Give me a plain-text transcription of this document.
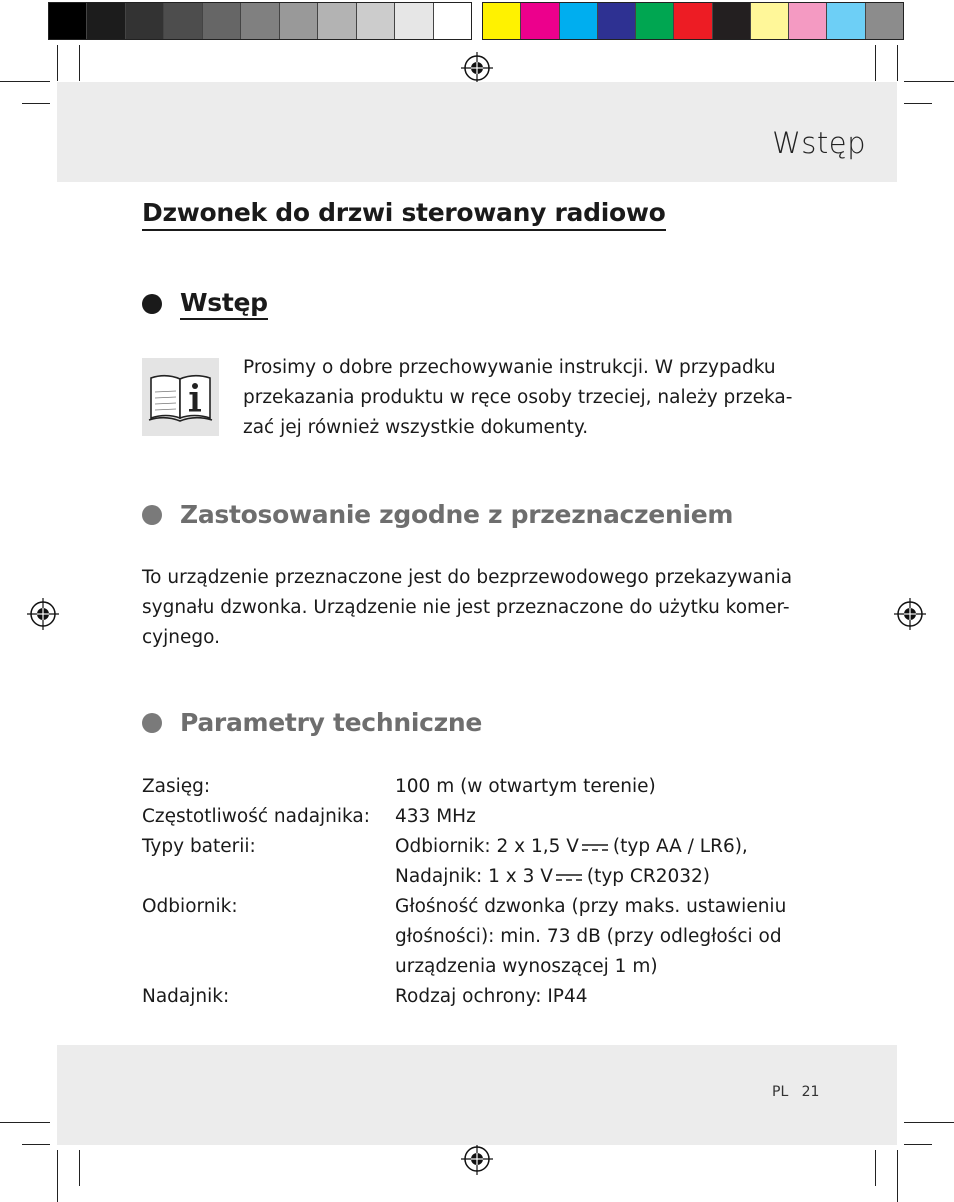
Wstęp
Dzwonek do drzwi sterowany radiowo
Wstęp
Prosimy o dobre przechowywanie instrukcji. W przypadku
przekazania produktu w ręce osoby trzeciej, należy przeka-
zać jej również wszystkie dokumenty.
Zastosowanie zgodne z przeznaczeniem
To urządzenie przeznaczone jest do bezprzewodowego przekazywania
sygnału dzwonka. Urządzenie nie jest przeznaczone do użytku komer-
cyjnego.
Parametry techniczne
Zasięg:	100 m (w otwartym terenie)
Częstotliwość nadajnika:	433 MHz
Typy baterii:	Odbiornik: 2 x 1,5 V (typ AA / LR6),
Nadajnik: 1 x 3 V (typ CR2032)
Odbiornik:	Głośność dzwonka (przy maks. ustawieniu
głośności): min. 73 dB (przy odległości od
urządzenia wynoszącej 1 m)
Nadajnik:	Rodzaj ochrony: IP44
PL 21
